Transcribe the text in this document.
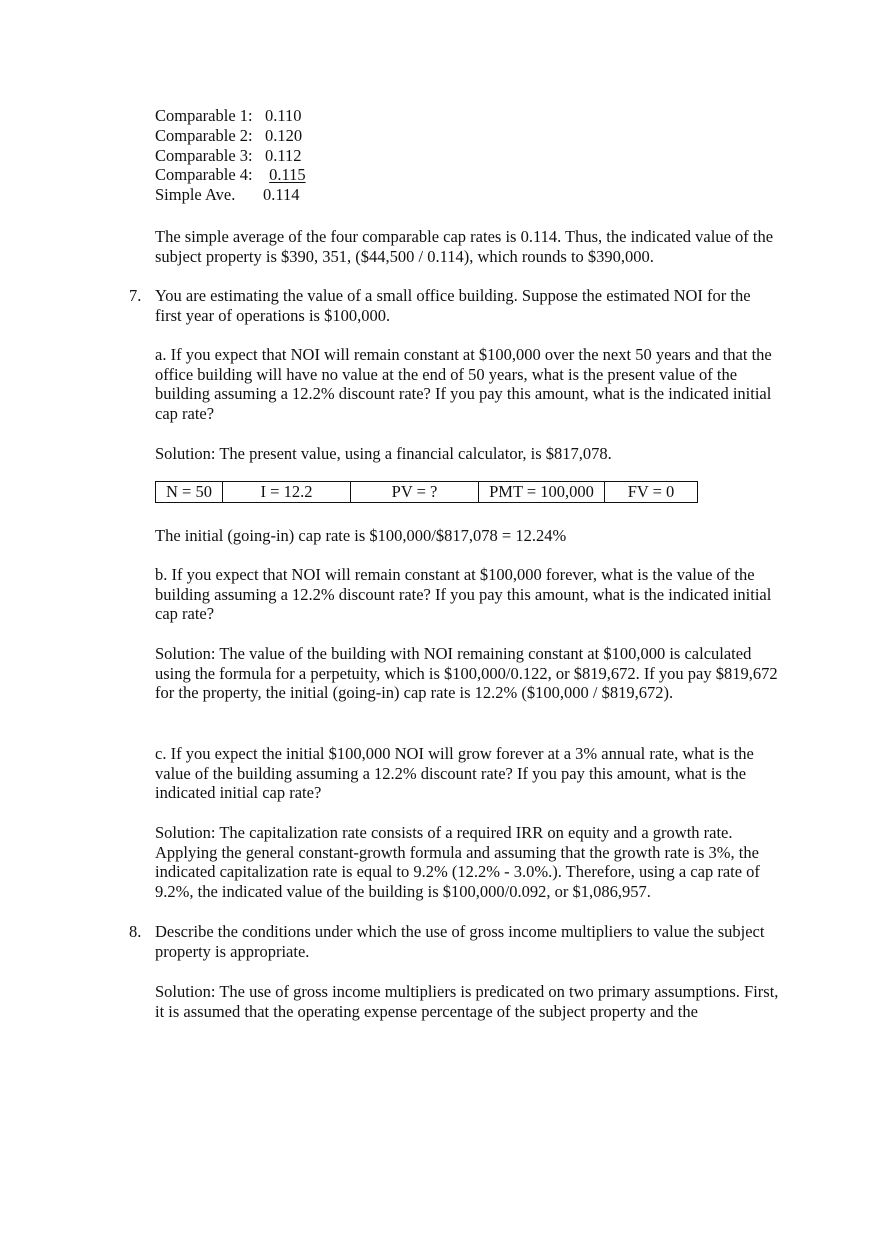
Comparable 1: 0.110
Comparable 2: 0.120
Comparable 3: 0.112
Comparable 4:	0.115
Simple Ave.	0.114

The simple average of the four comparable cap rates is 0.114. Thus, the indicated value of the subject property is $390, 351, ($44,500 / 0.114), which rounds to $390,000.

7. You are estimating the value of a small office building. Suppose the estimated NOI for the first year of operations is $100,000.

a. If you expect that NOI will remain constant at $100,000 over the next 50 years and that the office building will have no value at the end of 50 years, what is the present value of the building assuming a 12.2% discount rate? If you pay this amount, what is the indicated initial cap rate?

Solution: The present value, using a financial calculator, is $817,078.

N = 50	I = 12.2	PV = ?	PMT = 100,000	FV = 0

The initial (going-in) cap rate is $100,000/$817,078 = 12.24%

b. If you expect that NOI will remain constant at $100,000 forever, what is the value of the building assuming a 12.2% discount rate? If you pay this amount, what is the indicated initial cap rate?

Solution: The value of the building with NOI remaining constant at $100,000 is calculated using the formula for a perpetuity, which is $100,000/0.122, or $819,672. If you pay $819,672 for the property, the initial (going-in) cap rate is 12.2% ($100,000 / $819,672).

c. If you expect the initial $100,000 NOI will grow forever at a 3% annual rate, what is the value of the building assuming a 12.2% discount rate? If you pay this amount, what is the indicated initial cap rate?

Solution: The capitalization rate consists of a required IRR on equity and a growth rate. Applying the general constant-growth formula and assuming that the growth rate is 3%, the indicated capitalization rate is equal to 9.2% (12.2% - 3.0%.). Therefore, using a cap rate of 9.2%, the indicated value of the building is $100,000/0.092, or $1,086,957.

8. Describe the conditions under which the use of gross income multipliers to value the subject property is appropriate.

Solution: The use of gross income multipliers is predicated on two primary assumptions. First, it is assumed that the operating expense percentage of the subject property and the
